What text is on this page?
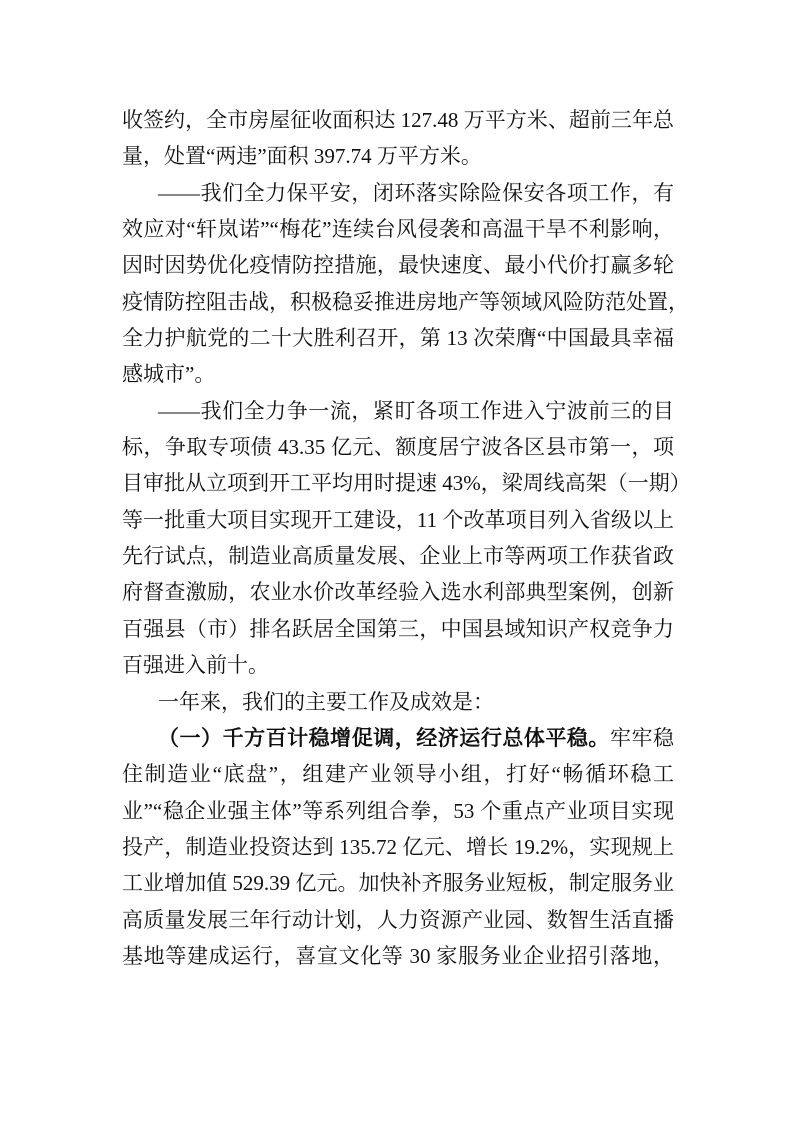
收签约，全市房屋征收面积达 127.48 万平方米、超前三年总
量，处置“两违”面积 397.74 万平方米。
——我们全力保平安，闭环落实除险保安各项工作，有
效应对“轩岚诺”“梅花”连续台风侵袭和高温干旱不利影响，
因时因势优化疫情防控措施，最快速度、最小代价打赢多轮
疫情防控阻击战，积极稳妥推进房地产等领域风险防范处置，
全力护航党的二十大胜利召开，第 13 次荣膺“中国最具幸福
感城市”。
——我们全力争一流，紧盯各项工作进入宁波前三的目
标，争取专项债 43.35 亿元、额度居宁波各区县市第一，项
目审批从立项到开工平均用时提速 43%，梁周线高架（一期）
等一批重大项目实现开工建设，11 个改革项目列入省级以上
先行试点，制造业高质量发展、企业上市等两项工作获省政
府督查激励，农业水价改革经验入选水利部典型案例，创新
百强县（市）排名跃居全国第三，中国县域知识产权竞争力
百强进入前十。
一年来，我们的主要工作及成效是：
（一）千方百计稳增促调，经济运行总体平稳。牢牢稳
住制造业“底盘”，组建产业领导小组，打好“畅循环稳工
业”“稳企业强主体”等系列组合拳，53 个重点产业项目实现
投产，制造业投资达到 135.72 亿元、增长 19.2%，实现规上
工业增加值 529.39 亿元。加快补齐服务业短板，制定服务业
高质量发展三年行动计划，人力资源产业园、数智生活直播
基地等建成运行，喜宣文化等 30 家服务业企业招引落地，
